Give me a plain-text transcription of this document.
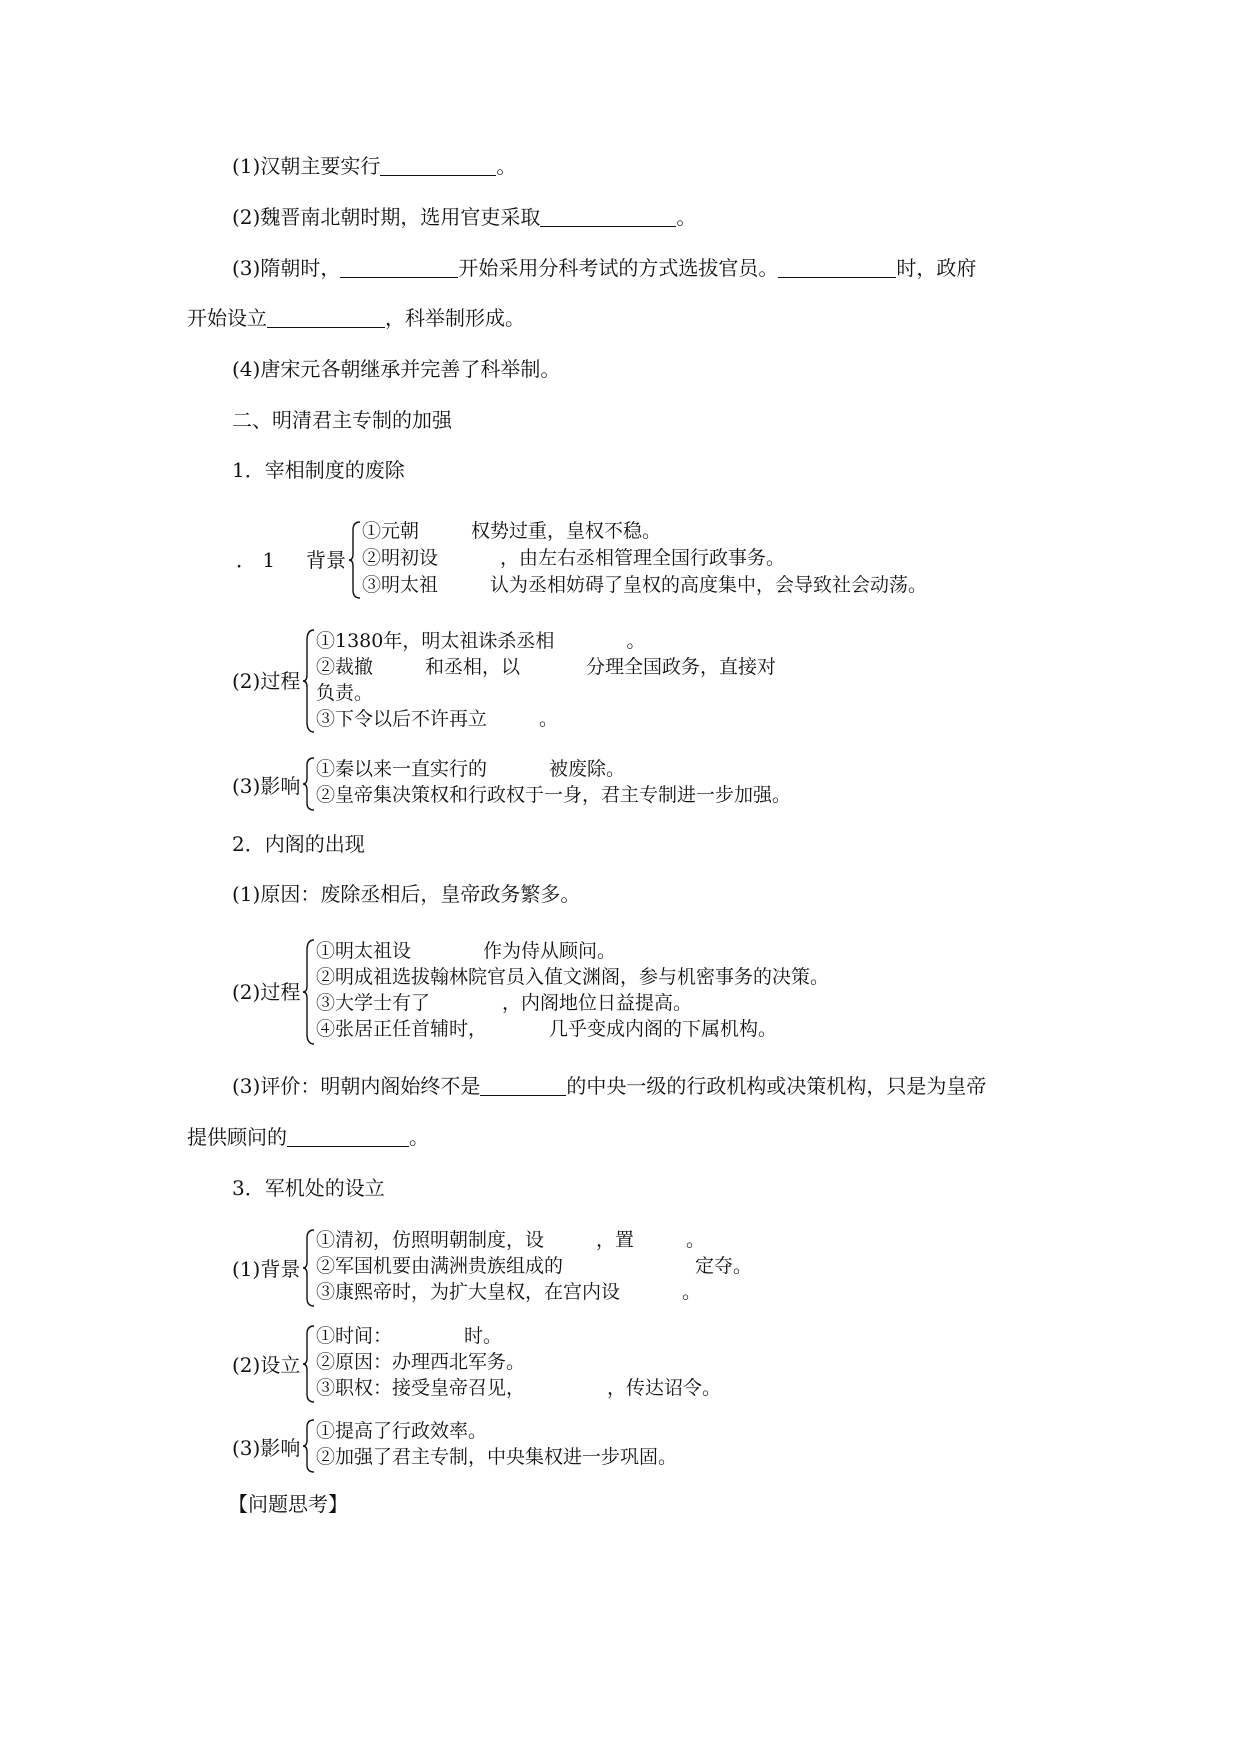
(1)汉朝主要实行	。
(2)魏晋南北朝时期，选用官吏采取	。
(3)隋朝时，	开始采用分科考试的方式选拔官员。	时，政府
开始设立	，科举制形成。
(4)唐宋元各朝继承并完善了科举制。
二、明清君主专制的加强
1．宰相制度的废除
． 1 背景
①元朝	权势过重，皇权不稳。
②明初设	，由左右丞相管理全国行政事务。
③明太祖	认为丞相妨碍了皇权的高度集中，会导致社会动荡。
(2)过程
①1380年，明太祖诛杀丞相	。
②裁撤	和丞相，以	分理全国政务，直接对
负责。
③下令以后不许再立	。
(3)影响
①秦以来一直实行的	被废除。
②皇帝集决策权和行政权于一身，君主专制进一步加强。
2．内阁的出现
(1)原因：废除丞相后，皇帝政务繁多。
(2)过程
①明太祖设	作为侍从顾问。
②明成祖选拔翰林院官员入值文渊阁，参与机密事务的决策。
③大学士有了	，内阁地位日益提高。
④张居正任首辅时，	几乎变成内阁的下属机构。
(3)评价：明朝内阁始终不是	的中央一级的行政机构或决策机构，只是为皇帝
提供顾问的	。
3．军机处的设立
(1)背景
①清初，仿照明朝制度，设	，置	。
②军国机要由满洲贵族组成的	定夺。
③康熙帝时，为扩大皇权，在宫内设	。
(2)设立
①时间：	时。
②原因：办理西北军务。
③职权：接受皇帝召见，	，传达诏令。
(3)影响
①提高了行政效率。
②加强了君主专制，中央集权进一步巩固。
【问题思考】
